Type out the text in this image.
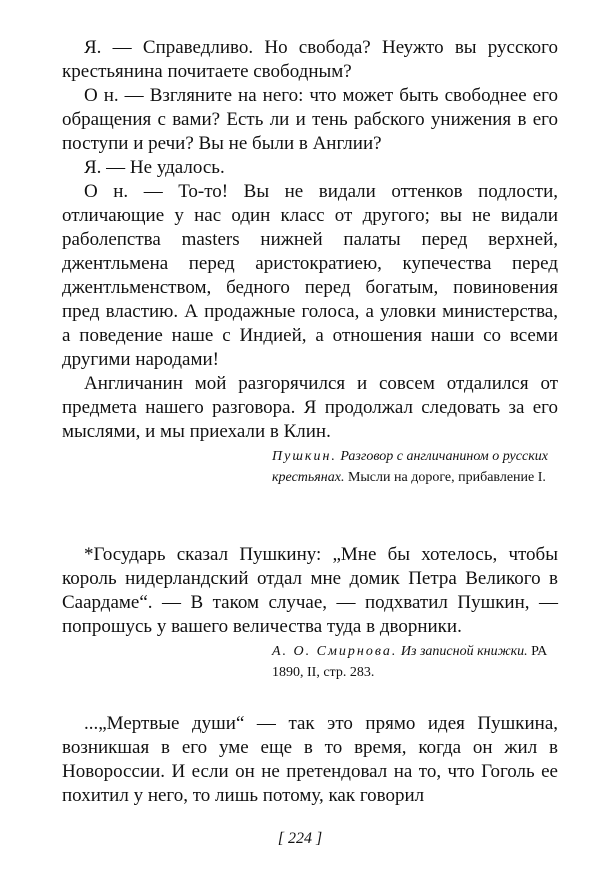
Я. — Справедливо. Но свобода? Неужто вы русского крестьянина почитаете свободным?

О н. — Взгляните на него: что может быть свободнее его обращения с вами? Есть ли и тень рабского унижения в его поступи и речи? Вы не были в Англии?

Я. — Не удалось.

О н. — То-то! Вы не видали оттенков подлости, отличающие у нас один класс от другого; вы не видали раболепства masters нижней палаты перед верхней, джентльмена перед аристократиею, купечества перед джентльменством, бедного перед богатым, повиновения пред властию. А продажные голоса, а уловки министерства, а поведение наше с Индией, а отношения наши со всеми другими народами!

Англичанин мой разгорячился и совсем отдалился от предмета нашего разговора. Я продолжал следовать за его мыслями, и мы приехали в Клин.

Пушкин. Разговор с англичанином о русских крестьянах. Мысли на дороге, прибавление I.

*Государь сказал Пушкину: „Мне бы хотелось, чтобы король нидерландский отдал мне домик Петра Великого в Саардаме“. — В таком случае, — подхватил Пушкин, — попрошусь у вашего величества туда в дворники.

А. О. Смирнова. Из записной книжки. РА 1890, II, стр. 283.

...„Мертвые души“ — так это прямо идея Пушкина, возникшая в его уме еще в то время, когда он жил в Новороссии. И если он не претендовал на то, что Гоголь ее похитил у него, то лишь потому, как говорил

[ 224 ]
